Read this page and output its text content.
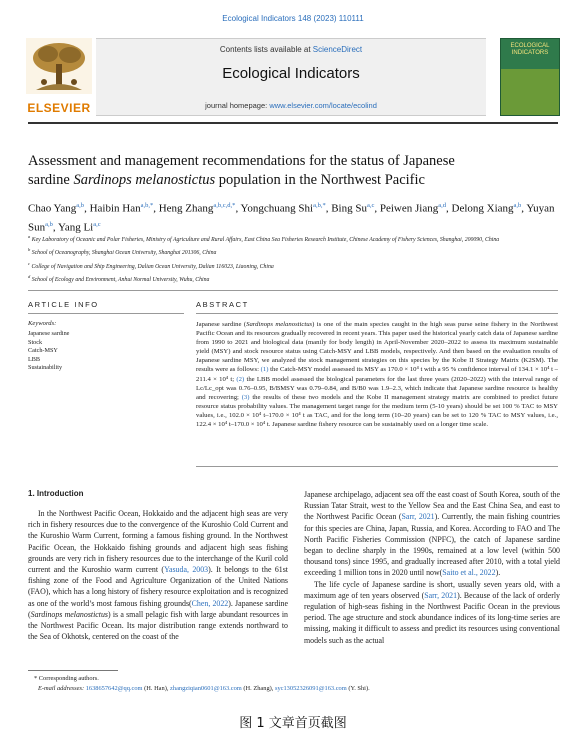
Ecological Indicators 148 (2023) 110111
ELSEVIER
Contents lists available at ScienceDirect
Ecological Indicators
journal homepage: www.elsevier.com/locate/ecolind
ECOLOGICAL INDICATORS
Assessment and management recommendations for the status of Japanese
sardine Sardinops melanostictus population in the Northwest Pacific
Chao Yang$^{a,b}$, Haibin Han$^{a,b,*}$, Heng Zhang$^{a,b,c,d,*}$, Yongchuang Shi$^{a,b,*}$, Bing Su$^{a,c}$, Peiwen Jiang$^{a,d}$, Delong Xiang$^{a,b}$, Yuyan Sun$^{a,b}$, Yang Li$^{a,c}$
$^a$ Key Laboratory of Oceanic and Polar Fisheries, Ministry of Agriculture and Rural Affairs, East China Sea Fisheries Research Institute, Chinese Academy of Fishery Sciences, Shanghai, 200090, China
$^b$ School of Oceanography, Shanghai Ocean University, Shanghai 201306, China
$^c$ College of Navigation and Ship Engineering, Dalian Ocean University, Dalian 116023, Liaoning, China
$^d$ School of Ecology and Environment, Anhui Normal University, Wuhu, China
ARTICLE INFO	ABSTRACT
Keywords:
Japanese sardine
Stock
Catch-MSY
LBB
Sustainability
Japanese sardine (Sardinops melanostictus) is one of the main species caught in the high seas purse seine fishery in the Northwest Pacific Ocean and its resources gradually recovered in recent years. This paper used the historical yearly catch data of Japanese sardine from 1990 to 2021 and biological data (manily for body length) in April-November 2020–2022 to assess its maximum sustainable yield (MSY) and stock resource status using Catch-MSY and LBB models, respectively. And then based on the evaluation results of Japanese sardine MSY, we analyzed the stock management strategies on this species by the Kobe II Strategy Matrix (K2SM). The results were as follows: (1) the Catch-MSY model assessed its MSY as 170.0 × 10⁴ t with a 95 % confidence interval of 134.1 × 10⁴ t – 211.4 × 10⁴ t; (2) the LBB model assessed the biological parameters for the last three years (2020–2022) with the interval range of Lc/Lc_opt was 0.76–0.95, B/BMSY was 0.79–0.84, and B/B0 was 1.9–2.3, which indicate that Japanese sardine resource is healthy and recovering; (3) the results of these two models and the Kobe II management strategy matrix are combined to predict future resource status probability values. The management target range for the medium term (5-10 years) should be set 100 % TAC to MSY values, i.e., 102.0 × 10⁴ t–170.0 × 10⁴ t as TAC, and for the long term (10–20 years) can be set to 120 % TAC to MSY values, i.e., 122.4 × 10⁴ t–170.0 × 10⁴ t. Japanese sardine fishery resource can be sustainably used on a longer time scale.
1. Introduction

In the Northwest Pacific Ocean, Hokkaido and the adjacent high seas are very rich in fishery resources due to the convergence of the Kuroshio Cold Current and the Kuroshio Warm Current, forming a famous fishing ground. In the Northwest Pacific Ocean, the Hokkaido fishing grounds and adjacent high seas fishing grounds are very rich in fishery resources due to the interchange of the Kuril cold current and the Kuroshio warm current (Yasuda, 2003). It belongs to the 61st fishing zone of the Food and Agriculture Organization of the United Nations (FAO), which has a long history of fishery resource exploitation and is recognized as one of the world’s most famous fishing grounds(Chen, 2022). Japanese sardine (Sardinops melanostictus) is a small pelagic fish with large abundant resources in the Northwest Pacific Ocean. Its major distribution range extends northward to the Sea of Okhotsk, centered on the coast of the

Japanese archipelago, adjacent sea off the east coast of South Korea, south of the Russian Tatar Strait, west to the Yellow Sea and the East China Sea, and east to the Northwest Pacific Ocean (Sarr, 2021). Currently, the main fishing countries for this species are China, Japan, Russia, and Korea. According to FAO and The North Pacific Fisheries Commission (NPFC), the catch of Japanese sardine began to decline sharply in the 1990s, remained at a low level (within 500 thousand tons) since 1995, and gradually increased after 2010, with a total yield exceeding 1 million tons in 2020 until now(Saito et al., 2022).

The life cycle of Japanese sardine is short, usually seven years old, with a maximum age of ten years observed (Sarr, 2021). Because of the lack of orderly regulation of high-seas fishing in the Northwest Pacific Ocean in the previous period. The age structure and stock abundance indices of its long-time series are missing, making it difficult to assess and predict its resources using conventional models such as the actual

* Corresponding authors.
E-mail addresses: 1638657642@qq.com (H. Han), zhangziqian0601@163.com (H. Zhang), syc13052326091@163.com (Y. Shi).
图 1 文章首页截图
